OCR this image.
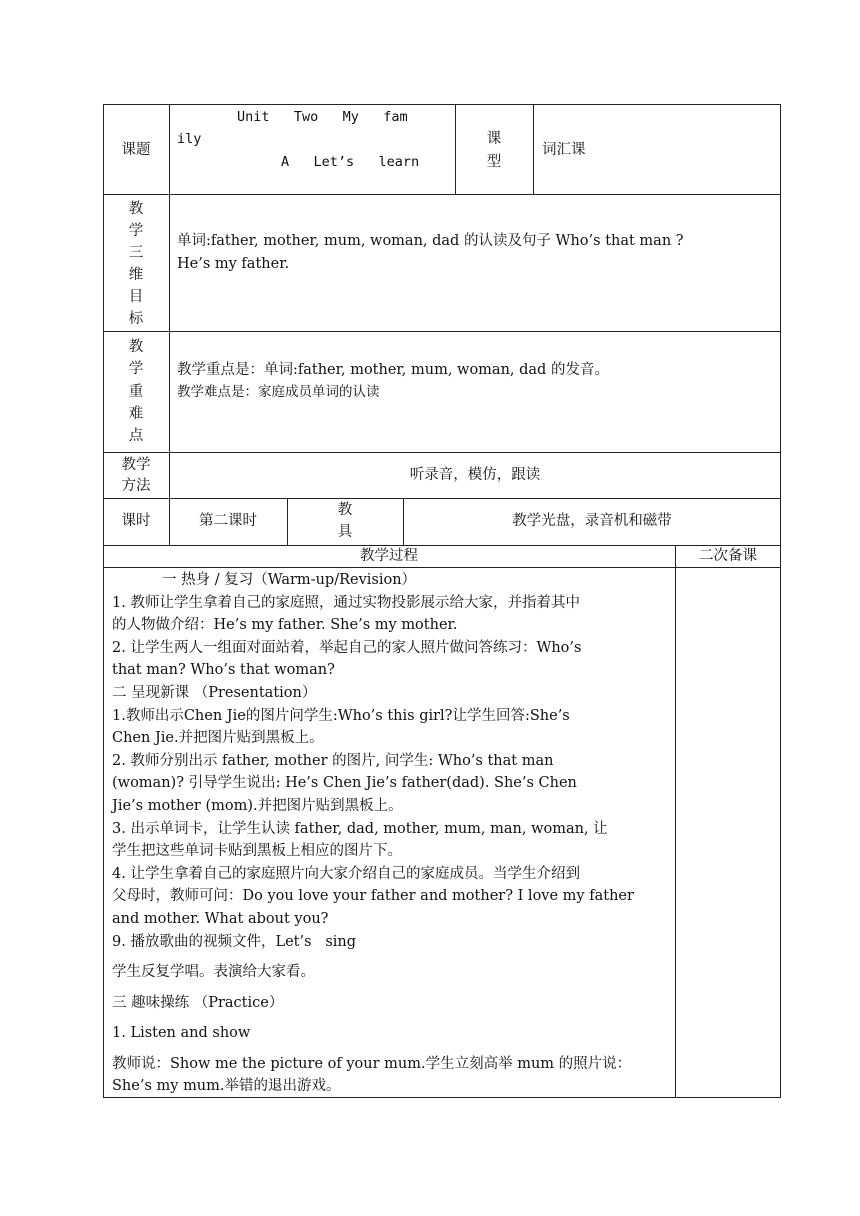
课题
Unit   Two   My   fam
ily
A   Let’s   learn
课
型
词汇课
教
学
三
维
目
标
单词:father, mother, mum, woman, dad 的认读及句子 Who’s that man ?
He’s my father.
教
学
重
难
点
教学重点是：单词:father, mother, mum, woman, dad 的发音。
教学难点是：家庭成员单词的认读
教学
方法
听录音，模仿，跟读
课时	第二课时
教
具
教学光盘，录音机和磁带
教学过程	二次备课

一 热身 / 复习（Warm-up/Revision）

1. 教师让学生拿着自己的家庭照，通过实物投影展示给大家，并指着其中

的人物做介绍：He’s my father. She’s my mother.

2. 让学生两人一组面对面站着，举起自己的家人照片做问答练习：Who’s

that man? Who’s that woman?

二 呈现新课 （Presentation）

1.教师出示Chen Jie的图片问学生:Who’s this girl?让学生回答:She’s

Chen Jie.并把图片贴到黑板上。

2. 教师分别出示 father, mother 的图片, 问学生: Who’s that man

(woman)? 引导学生说出: He’s Chen Jie’s father(dad). She’s Chen

Jie’s mother (mom).并把图片贴到黑板上。

3. 出示单词卡，让学生认读 father, dad, mother, mum, man, woman, 让

学生把这些单词卡贴到黑板上相应的图片下。

4. 让学生拿着自己的家庭照片向大家介绍自己的家庭成员。当学生介绍到

父母时，教师可问：Do you love your father and mother? I love my father

and mother. What about you?

9. 播放歌曲的视频文件，Let’s   sing

学生反复学唱。表演给大家看。

三 趣味操练 （Practice）

1. Listen and show

教师说：Show me the picture of your mum.学生立刻高举 mum 的照片说：

She’s my mum.举错的退出游戏。
